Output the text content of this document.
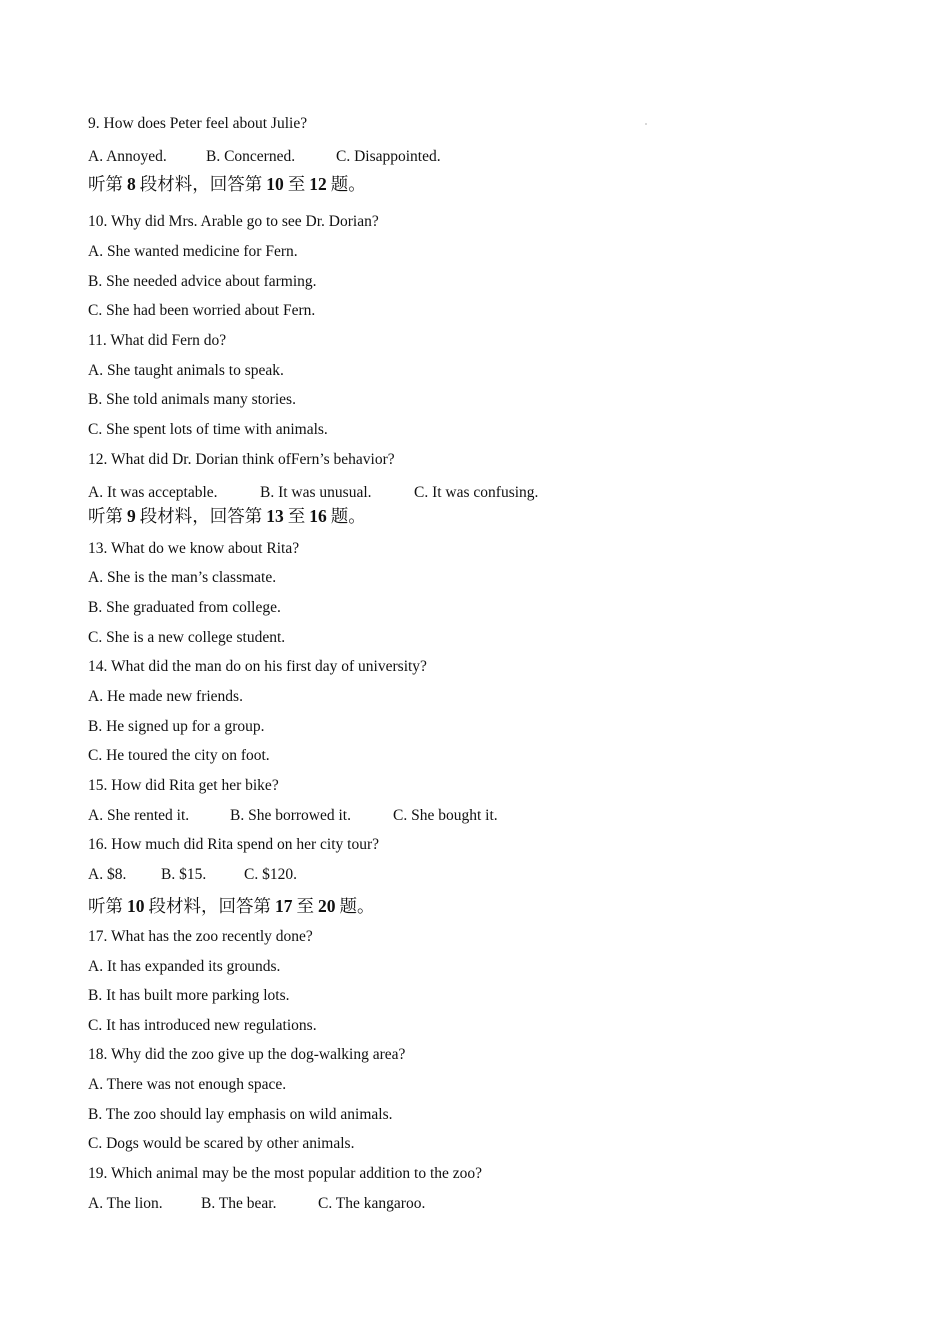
9. How does Peter feel about Julie?
A. Annoyed.	B. Concerned.	C. Disappointed.
听第 8 段材料，回答第 10 至 12 题。
10. Why did Mrs. Arable go to see Dr. Dorian?
A. She wanted medicine for Fern.
B. She needed advice about farming.
C. She had been worried about Fern.
11. What did Fern do?
A. She taught animals to speak.
B. She told animals many stories.
C. She spent lots of time with animals.
12. What did Dr. Dorian think ofFern’s behavior?
A. It was acceptable.	B. It was unusual.	C. It was confusing.
听第 9 段材料，回答第 13 至 16 题。
13. What do we know about Rita?
A. She is the man’s classmate.
B. She graduated from college.
C. She is a new college student.
14. What did the man do on his first day of university?
A. He made new friends.
B. He signed up for a group.
C. He toured the city on foot.
15. How did Rita get her bike?
A. She rented it.	B. She borrowed it.	C. She bought it.
16. How much did Rita spend on her city tour?
A. $8. B. $15. C. $120.
听第 10 段材料，回答第 17 至 20 题。
17. What has the zoo recently done?
A. It has expanded its grounds.
B. It has built more parking lots.
C. It has introduced new regulations.
18. Why did the zoo give up the dog-walking area?
A. There was not enough space.
B. The zoo should lay emphasis on wild animals.
C. Dogs would be scared by other animals.
19. Which animal may be the most popular addition to the zoo?
A. The lion. B. The bear.	C. The kangaroo.
